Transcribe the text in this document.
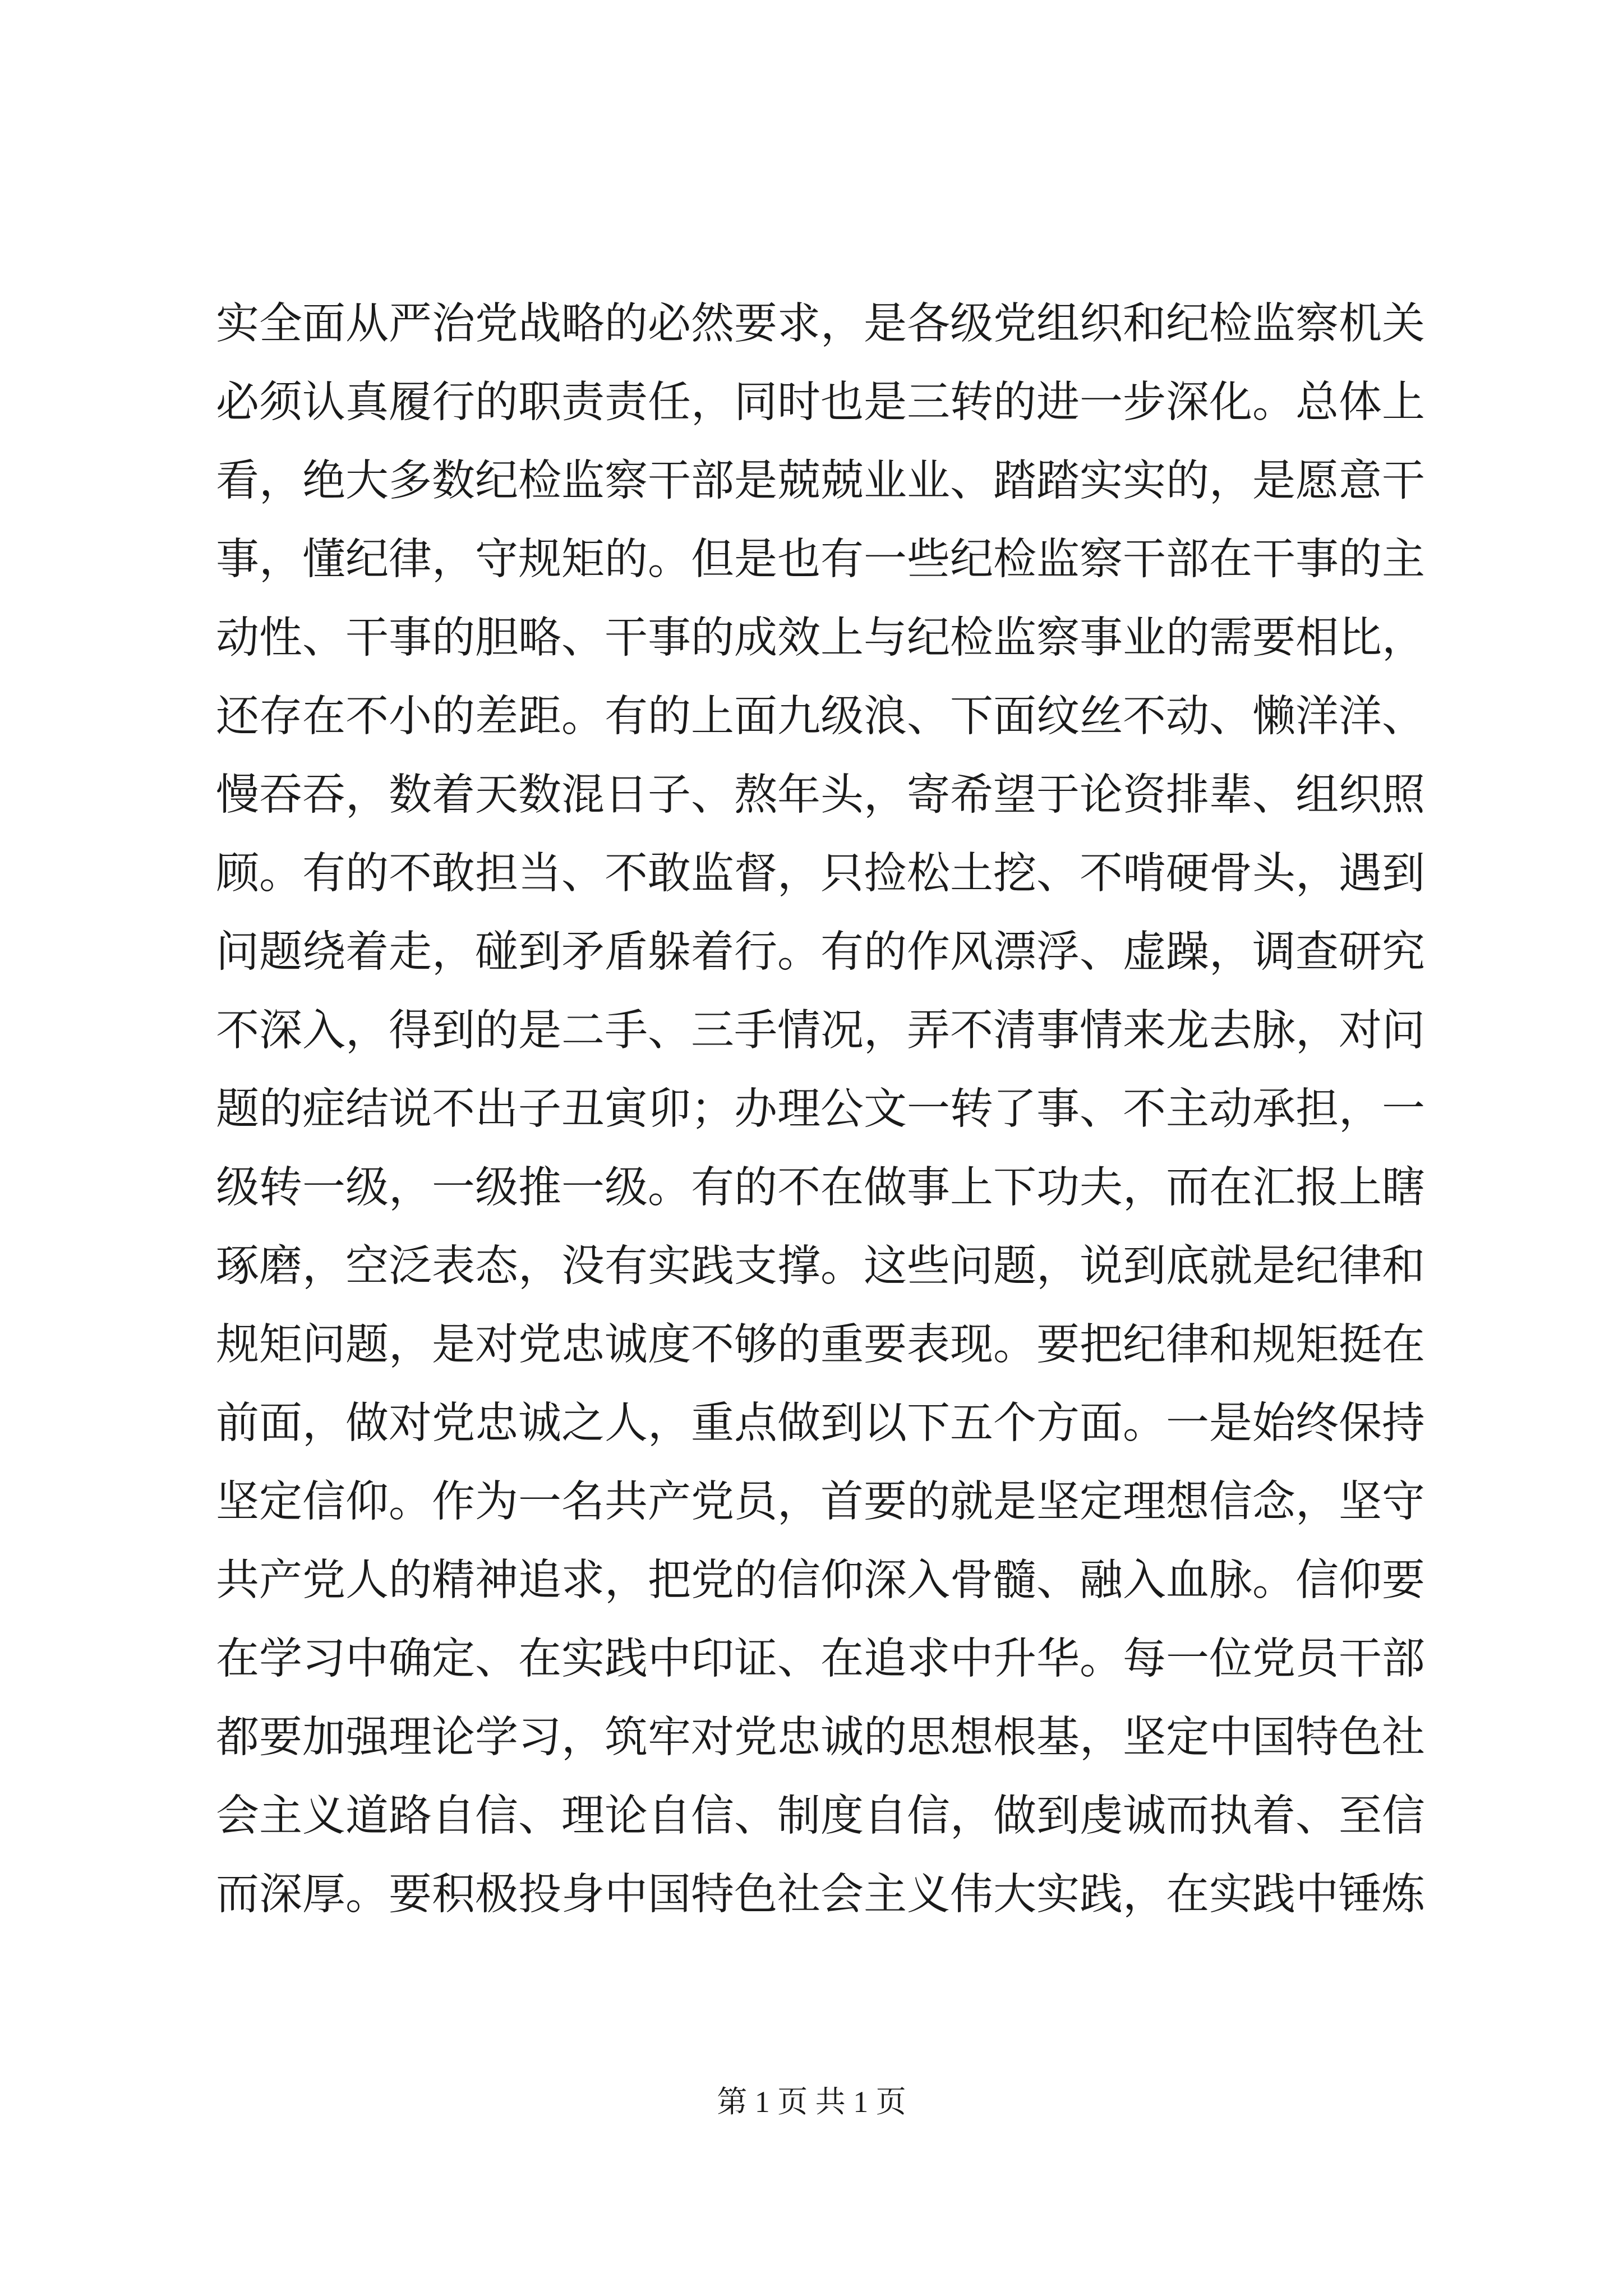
实全面从严治党战略的必然要求，是各级党组织和纪检监察机关
必须认真履行的职责责任，同时也是三转的进一步深化。总体上
看，绝大多数纪检监察干部是兢兢业业、踏踏实实的，是愿意干
事，懂纪律，守规矩的。但是也有一些纪检监察干部在干事的主
动性、干事的胆略、干事的成效上与纪检监察事业的需要相比，
还存在不小的差距。有的上面九级浪、下面纹丝不动、懒洋洋、
慢吞吞，数着天数混日子、熬年头，寄希望于论资排辈、组织照
顾。有的不敢担当、不敢监督，只捡松土挖、不啃硬骨头，遇到
问题绕着走，碰到矛盾躲着行。有的作风漂浮、虚躁，调查研究
不深入，得到的是二手、三手情况，弄不清事情来龙去脉，对问
题的症结说不出子丑寅卯；办理公文一转了事、不主动承担，一
级转一级，一级推一级。有的不在做事上下功夫，而在汇报上瞎
琢磨，空泛表态，没有实践支撑。这些问题，说到底就是纪律和
规矩问题，是对党忠诚度不够的重要表现。要把纪律和规矩挺在
前面，做对党忠诚之人，重点做到以下五个方面。一是始终保持
坚定信仰。作为一名共产党员，首要的就是坚定理想信念，坚守
共产党人的精神追求，把党的信仰深入骨髓、融入血脉。信仰要
在学习中确定、在实践中印证、在追求中升华。每一位党员干部
都要加强理论学习，筑牢对党忠诚的思想根基，坚定中国特色社
会主义道路自信、理论自信、制度自信，做到虔诚而执着、至信
而深厚。要积极投身中国特色社会主义伟大实践，在实践中锤炼
第 1 页 共 1 页
